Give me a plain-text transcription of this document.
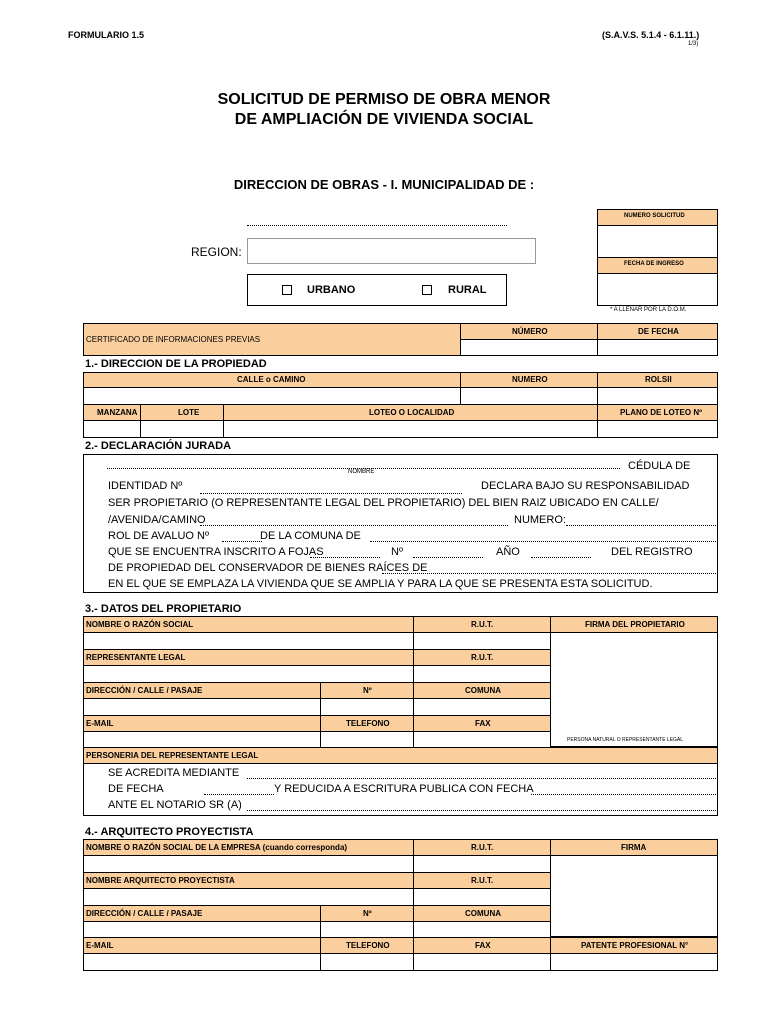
FORMULARIO 1.5	(S.A.V.S. 5.1.4 - 6.1.11.)
1/3)
SOLICITUD DE PERMISO DE OBRA MENOR
DE AMPLIACIÓN DE VIVIENDA SOCIAL
DIRECCION DE OBRAS - I. MUNICIPALIDAD DE :
REGION:
URBANO	RURAL
NUMERO SOLICITUD
FECHA DE INGRESO
* A LLENAR POR LA D.O.M.
CERTIFICADO DE INFORMACIONES PREVIAS
NÚMERO	DE FECHA
1.- DIRECCION DE LA PROPIEDAD
CALLE o CAMINO	NUMERO	ROLSII
MANZANA	LOTE	LOTEO O LOCALIDAD	PLANO DE LOTEO Nº
2.- DECLARACIÓN JURADA
CÉDULA DE
NOMBRE
IDENTIDAD Nº	DECLARA BAJO SU RESPONSABILIDAD
SER PROPIETARIO (O REPRESENTANTE LEGAL DEL PROPIETARIO) DEL BIEN RAIZ UBICADO EN CALLE/
/AVENIDA/CAMINO	NUMERO:
ROL DE AVALUO Nº	DE LA COMUNA DE
QUE SE ENCUENTRA INSCRITO A FOJAS	Nº	AÑO	DEL REGISTRO
DE PROPIEDAD DEL CONSERVADOR DE BIENES RAÍCES DE
EN EL QUE SE EMPLAZA LA VIVIENDA QUE SE AMPLIA Y PARA LA QUE SE PRESENTA ESTA SOLICITUD.
3.- DATOS DEL PROPIETARIO
NOMBRE O RAZÓN SOCIAL	R.U.T.	FIRMA DEL PROPIETARIO
PERSONA NATURAL O REPRESENTANTE LEGAL
REPRESENTANTE LEGAL	R.U.T.
DIRECCIÓN / CALLE / PASAJE	Nº	COMUNA
E-MAIL	TELEFONO	FAX
PERSONERIA DEL REPRESENTANTE LEGAL
SE ACREDITA MEDIANTE
DE FECHA	Y REDUCIDA A ESCRITURA PUBLICA CON FECHA
ANTE EL NOTARIO SR (A)
4.- ARQUITECTO PROYECTISTA
NOMBRE O RAZÓN SOCIAL DE LA EMPRESA (cuando corresponda)	R.U.T.	FIRMA
NOMBRE ARQUITECTO PROYECTISTA	R.U.T.
DIRECCIÓN / CALLE / PASAJE	Nº	COMUNA
E-MAIL	TELEFONO	FAX	PATENTE PROFESIONAL N°
